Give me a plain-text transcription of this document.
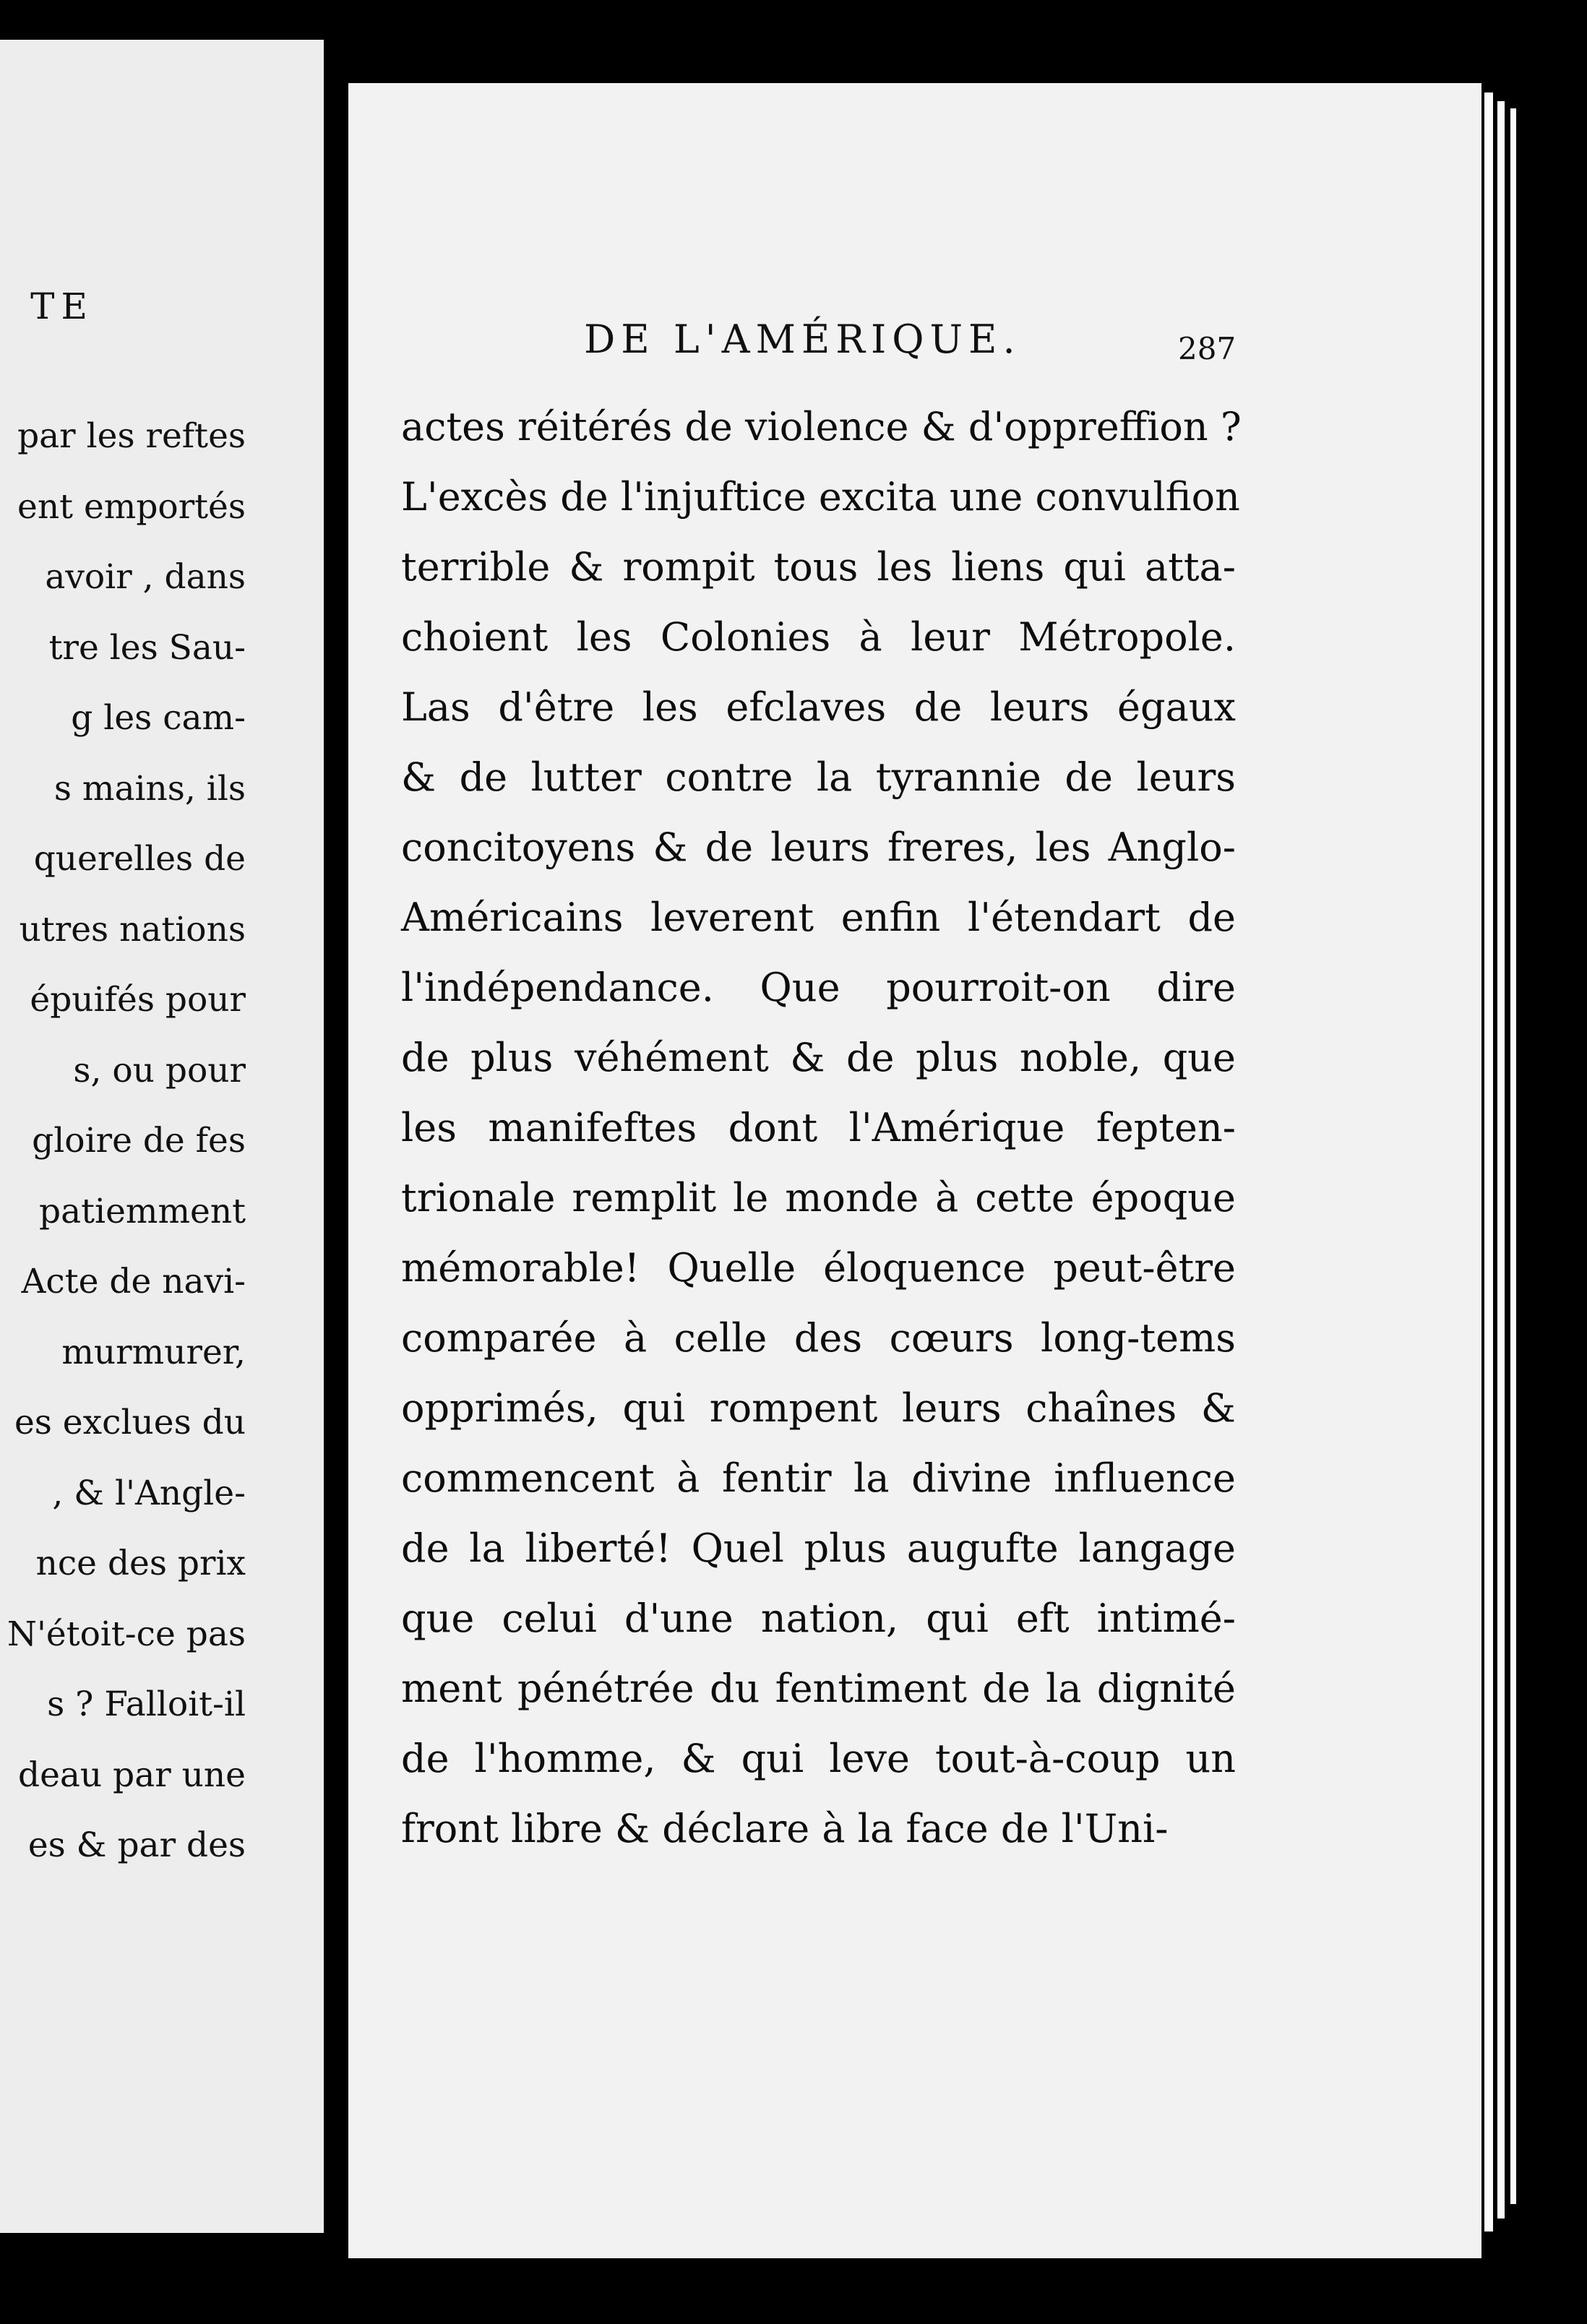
TE
par les reftes
ent emportés
avoir , dans
tre les Sau-
g les cam-
s mains, ils
querelles de
utres nations
épuifés pour
s, ou pour
gloire de fes
patiemment
Acte de navi-
murmurer,
es exclues du
, & l'Angle-
nce des prix
N'étoit-ce pas
s ? Falloit-il
deau par une
es & par des
DE L'AMÉRIQUE.	287
actes réitérés de violence & d'oppreffion ?
L'excès de l'injuftice excita une convulfion
terrible & rompit tous les liens qui atta-
choient les Colonies à leur Métropole.
Las d'être les efclaves de leurs égaux
& de lutter contre la tyrannie de leurs
concitoyens & de leurs freres, les Anglo-
Américains leverent enfin l'étendart de
l'indépendance. Que pourroit-on dire
de plus véhément & de plus noble, que
les manifeftes dont l'Amérique fepten-
trionale remplit le monde à cette époque
mémorable! Quelle éloquence peut-être
comparée à celle des cœurs long-tems
opprimés, qui rompent leurs chaînes &
commencent à fentir la divine influence
de la liberté! Quel plus augufte langage
que celui d'une nation, qui eft intimé-
ment pénétrée du fentiment de la dignité
de l'homme, & qui leve tout-à-coup un
front libre & déclare à la face de l'Uni-
